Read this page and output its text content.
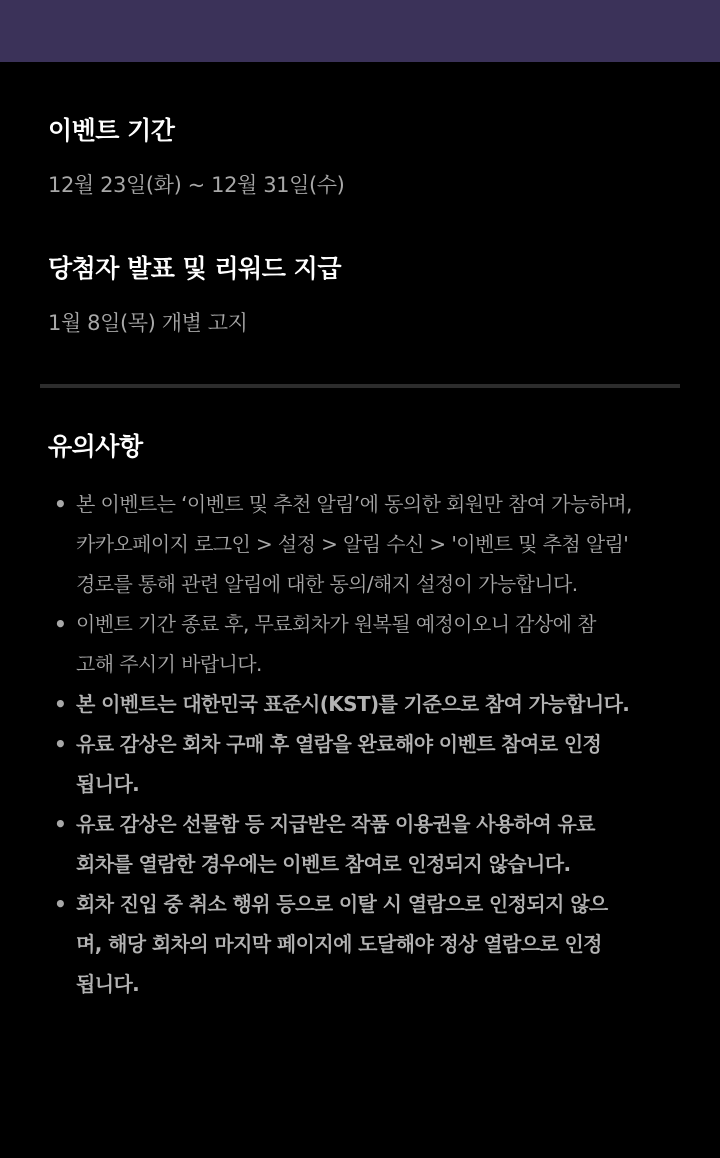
이벤트 기간
12월 23일(화) ~ 12월 31일(수)
당첨자 발표 및 리워드 지급
1월 8일(목) 개별 고지
유의사항
• 본 이벤트는 ‘이벤트 및 추천 알림’에 동의한 회원만 참여 가능하며,
카카오페이지 로그인 > 설정 > 알림 수신 > '이벤트 및 추첨 알림'
경로를 통해 관련 알림에 대한 동의/해지 설정이 가능합니다.
• 이벤트 기간 종료 후, 무료회차가 원복될 예정이오니 감상에 참
고해 주시기 바랍니다.
• 본 이벤트는 대한민국 표준시(KST)를 기준으로 참여 가능합니다.
• 유료 감상은 회차 구매 후 열람을 완료해야 이벤트 참여로 인정
됩니다.
• 유료 감상은 선물함 등 지급받은 작품 이용권을 사용하여 유료
회차를 열람한 경우에는 이벤트 참여로 인정되지 않습니다.
• 회차 진입 중 취소 행위 등으로 이탈 시 열람으로 인정되지 않으
며, 해당 회차의 마지막 페이지에 도달해야 정상 열람으로 인정
됩니다.
